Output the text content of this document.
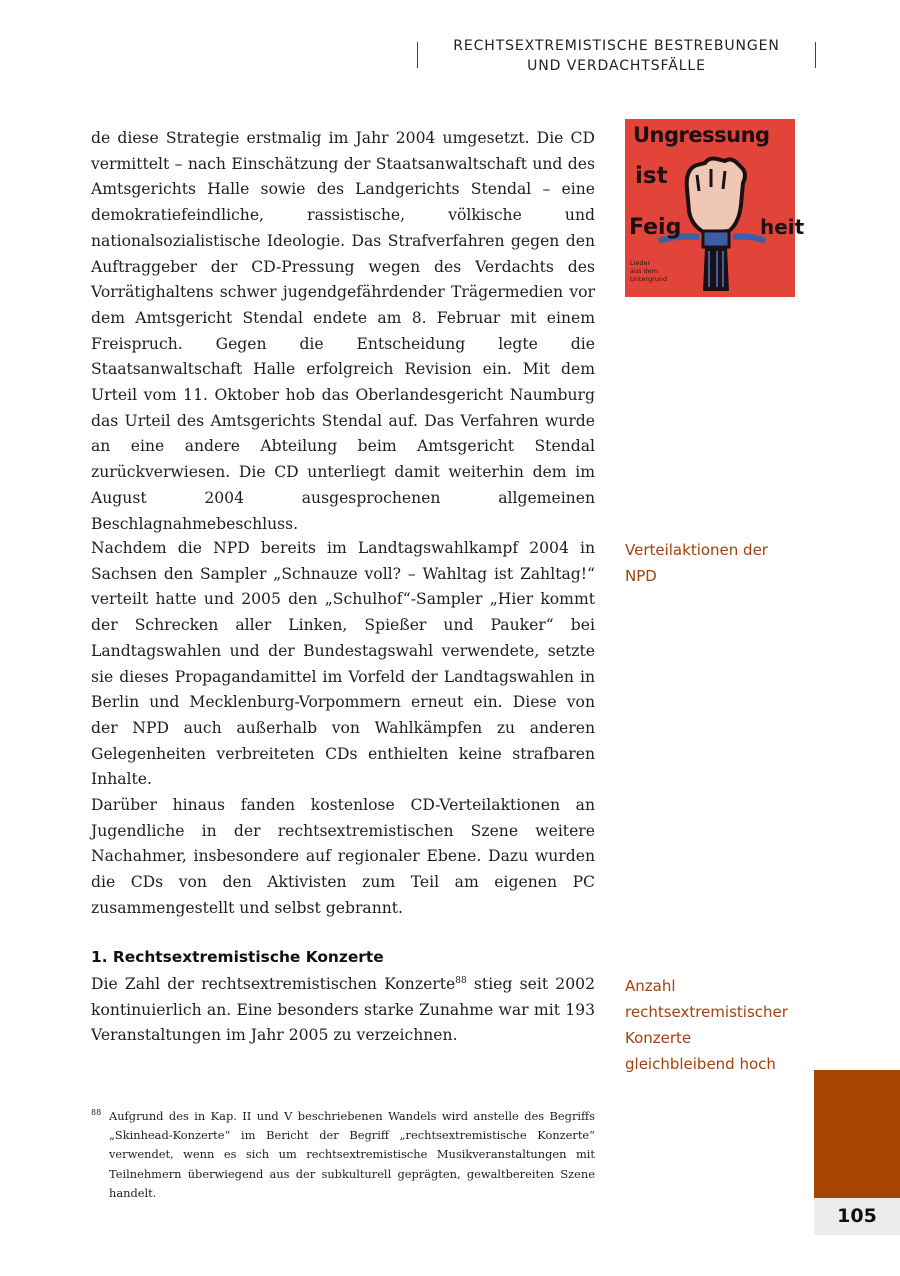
RECHTSEXTREMISTISCHE BESTREBUNGEN
UND VERDACHTSFÄLLE
Ungressung
ist
Feig	heit
Lieder
aus dem
Untergrund

de diese Strategie erstmalig im Jahr 2004 umgesetzt. Die CD vermittelt – nach Einschätzung der Staatsanwaltschaft und des Amtsgerichts Halle sowie des Landgerichts Stendal – eine demokratiefeindliche, rassistische, völkische und nationalsozialistische Ideologie. Das Strafverfahren gegen den Auftraggeber der CD-Pressung wegen des Verdachts des Vorrätighaltens schwer jugendgefährdender Trägermedien vor dem Amtsgericht Stendal endete am 8. Februar mit einem Freispruch. Gegen die Entscheidung legte die Staatsanwaltschaft Halle erfolgreich Revision ein. Mit dem Urteil vom 11. Oktober hob das Oberlandesgericht Naumburg das Urteil des Amtsgerichts Stendal auf. Das Verfahren wurde an eine andere Abteilung beim Amtsgericht Stendal zurückverwiesen. Die CD unterliegt damit weiterhin dem im August 2004 ausgesprochenen allgemeinen Beschlagnahmebeschluss.

Nachdem die NPD bereits im Landtagswahlkampf 2004 in Sachsen den Sampler „Schnauze voll? – Wahltag ist Zahltag!“ verteilt hatte und 2005 den „Schulhof“-Sampler „Hier kommt der Schrecken aller Linken, Spießer und Pauker“ bei Landtagswahlen und der Bundestagswahl verwendete, setzte sie dieses Propagandamittel im Vorfeld der Landtagswahlen in Berlin und Mecklenburg-Vorpommern erneut ein. Diese von der NPD auch außerhalb von Wahlkämpfen zu anderen Gelegenheiten verbreiteten CDs enthielten keine strafbaren Inhalte.

Darüber hinaus fanden kostenlose CD-Verteilaktionen an Jugendliche in der rechtsextremistischen Szene weitere Nachahmer, insbesondere auf regionaler Ebene. Dazu wurden die CDs von den Aktivisten zum Teil am eigenen PC zusammengestellt und selbst gebrannt.

1. Rechtsextremistische Konzerte

Die Zahl der rechtsextremistischen Konzerte$^{88}$ stieg seit 2002 kontinuierlich an. Eine besonders starke Zunahme war mit 193 Veranstaltungen im Jahr 2005 zu verzeichnen.

Verteilaktionen der NPD
Anzahl rechtsextremistischer Konzerte gleichbleibend hoch
88 Aufgrund des in Kap. II und V beschriebenen Wandels wird anstelle des Begriffs „Skinhead-Konzerte“ im Bericht der Begriff „rechtsextremistische Konzerte“ verwendet, wenn es sich um rechtsextremistische Musikveranstaltungen mit Teilnehmern überwiegend aus der subkulturell geprägten, gewaltbereiten Szene handelt.
105
